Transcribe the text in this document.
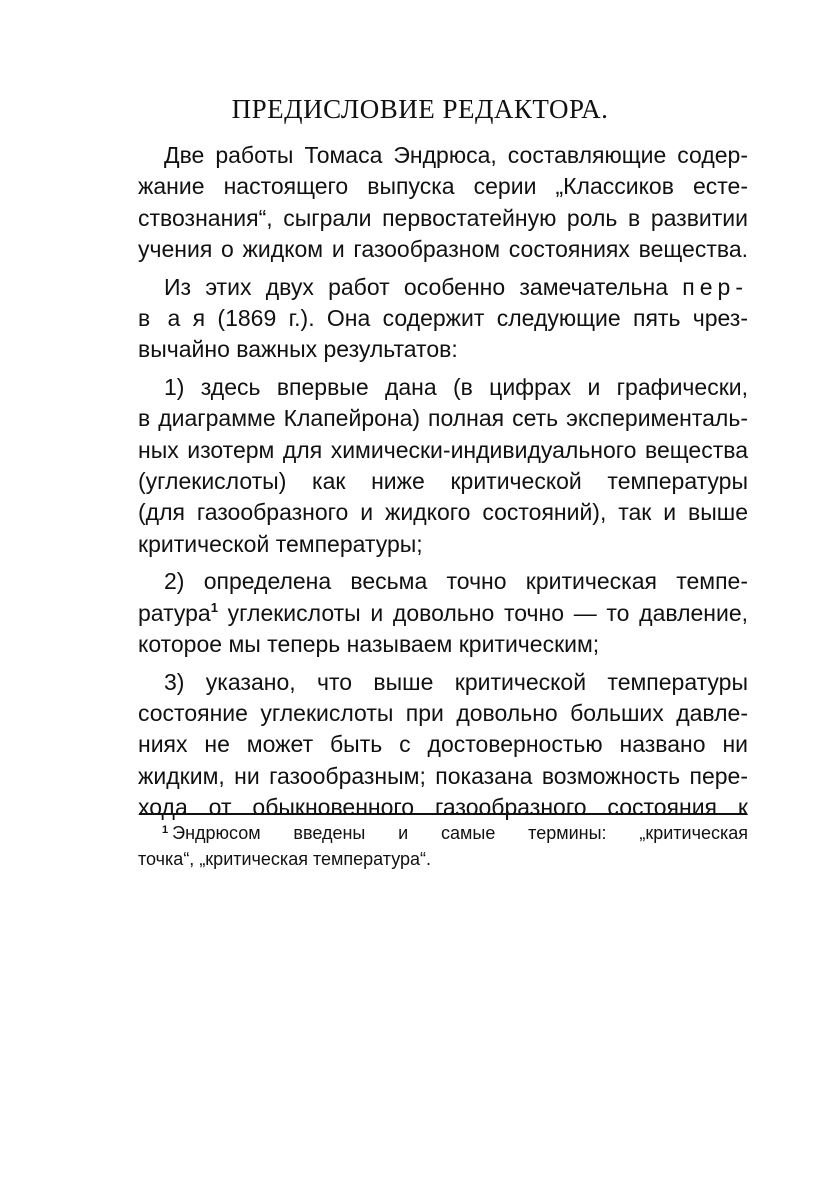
ПРЕДИСЛОВИЕ РЕДАКТОРА.
Две работы Томаса Эндрюса, составляющие содер-
жание настоящего выпуска серии „Классиков есте-
ствознания“, сыграли первостатейную роль в развитии
учения о жидком и газообразном состояниях вещества.
Из этих двух работ особенно замечательна пер-
в а я (1869 г.). Она содержит следующие пять чрез-
вычайно важных результатов:
1) здесь впервые дана (в цифрах и графически,
в диаграмме Клапейрона) полная сеть эксперименталь-
ных изотерм для химически-индивидуального вещества
(углекислоты) как ниже критической температуры
(для газообразного и жидкого состояний), так и выше
критической температуры;
2) определена весьма точно критическая темпе-
ратура$^1$ углекислоты и довольно точно — то давление,
которое мы теперь называем критическим;
3) указано, что выше критической температуры
состояние углекислоты при довольно больших давле-
ниях не может быть с достоверностью названо ни
жидким, ни газообразным; показана возможность пере-
хода от обыкновенного газообразного состояния к
$^1$ Эндрюсом введены и самые термины: „критическая
точка“, „критическая температура“.
